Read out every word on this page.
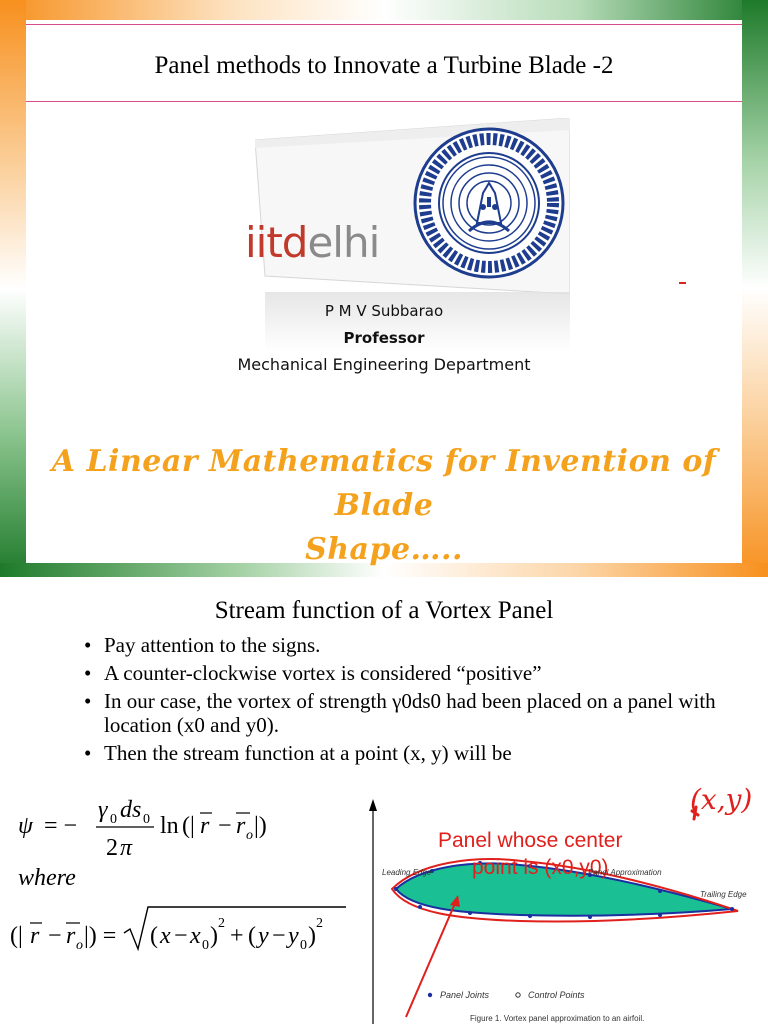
Panel methods to Innovate a Turbine Blade -2
iitdelhi
P M V Subbarao
Professor
Mechanical Engineering Department
A Linear Mathematics for Invention of Blade
Shape…..
Stream function of a Vortex Panel
• Pay attention to the signs.
• A counter-clockwise vortex is considered “positive”
• In our case, the vortex of strength γ0ds0 had been placed on a panel with location (x0 and y0).
• Then the stream function at a point (x, y) will be
ψ = −
γ 0 ds 0
2 π
ln (| r − r o |)
where
(| r − r o |) = ( x − x 0 ) 2 + ( y − y 0 ) 2
(x,y)
Panel whose center
point is (x0,y0)
Leading Edge
Trailing Edge
Panel Approximation
Panel Joints	Control Points
Figure 1. Vortex panel approximation to an airfoil.
